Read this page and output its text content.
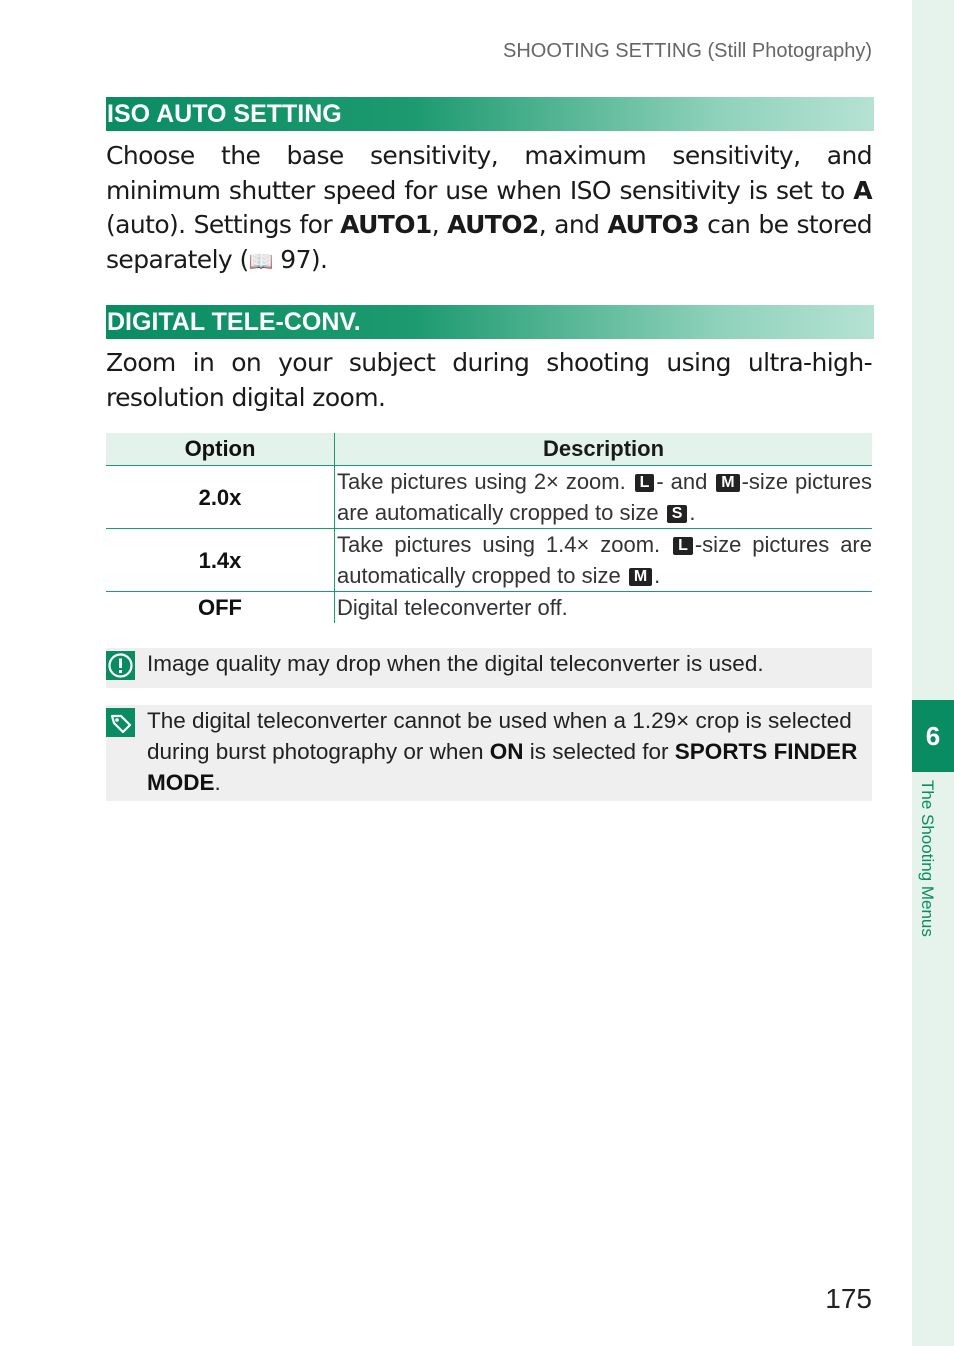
SHOOTING SETTING (Still Photography)
ISO AUTO SETTING
Choose the base sensitivity, maximum sensitivity, and minimum shutter speed for use when ISO sensitivity is set to A (auto). Settings for AUTO1, AUTO2, and AUTO3 can be stored separately (📖 97).
DIGITAL TELE-CONV.
Zoom in on your subject during shooting using ultra-high-resolution digital zoom.
Option	Description
2.0x	Take pictures using 2× zoom. L - and M -size pictures are automatically cropped to size S .
1.4x	Take pictures using 1.4× zoom. L -size pictures are automatically cropped to size M .
OFF	Digital teleconverter off.
Image quality may drop when the digital teleconverter is used.
The digital teleconverter cannot be used when a 1.29× crop is selected during burst photography or when ON is selected for SPORTS FINDER MODE.
6
The Shooting Menus
175
